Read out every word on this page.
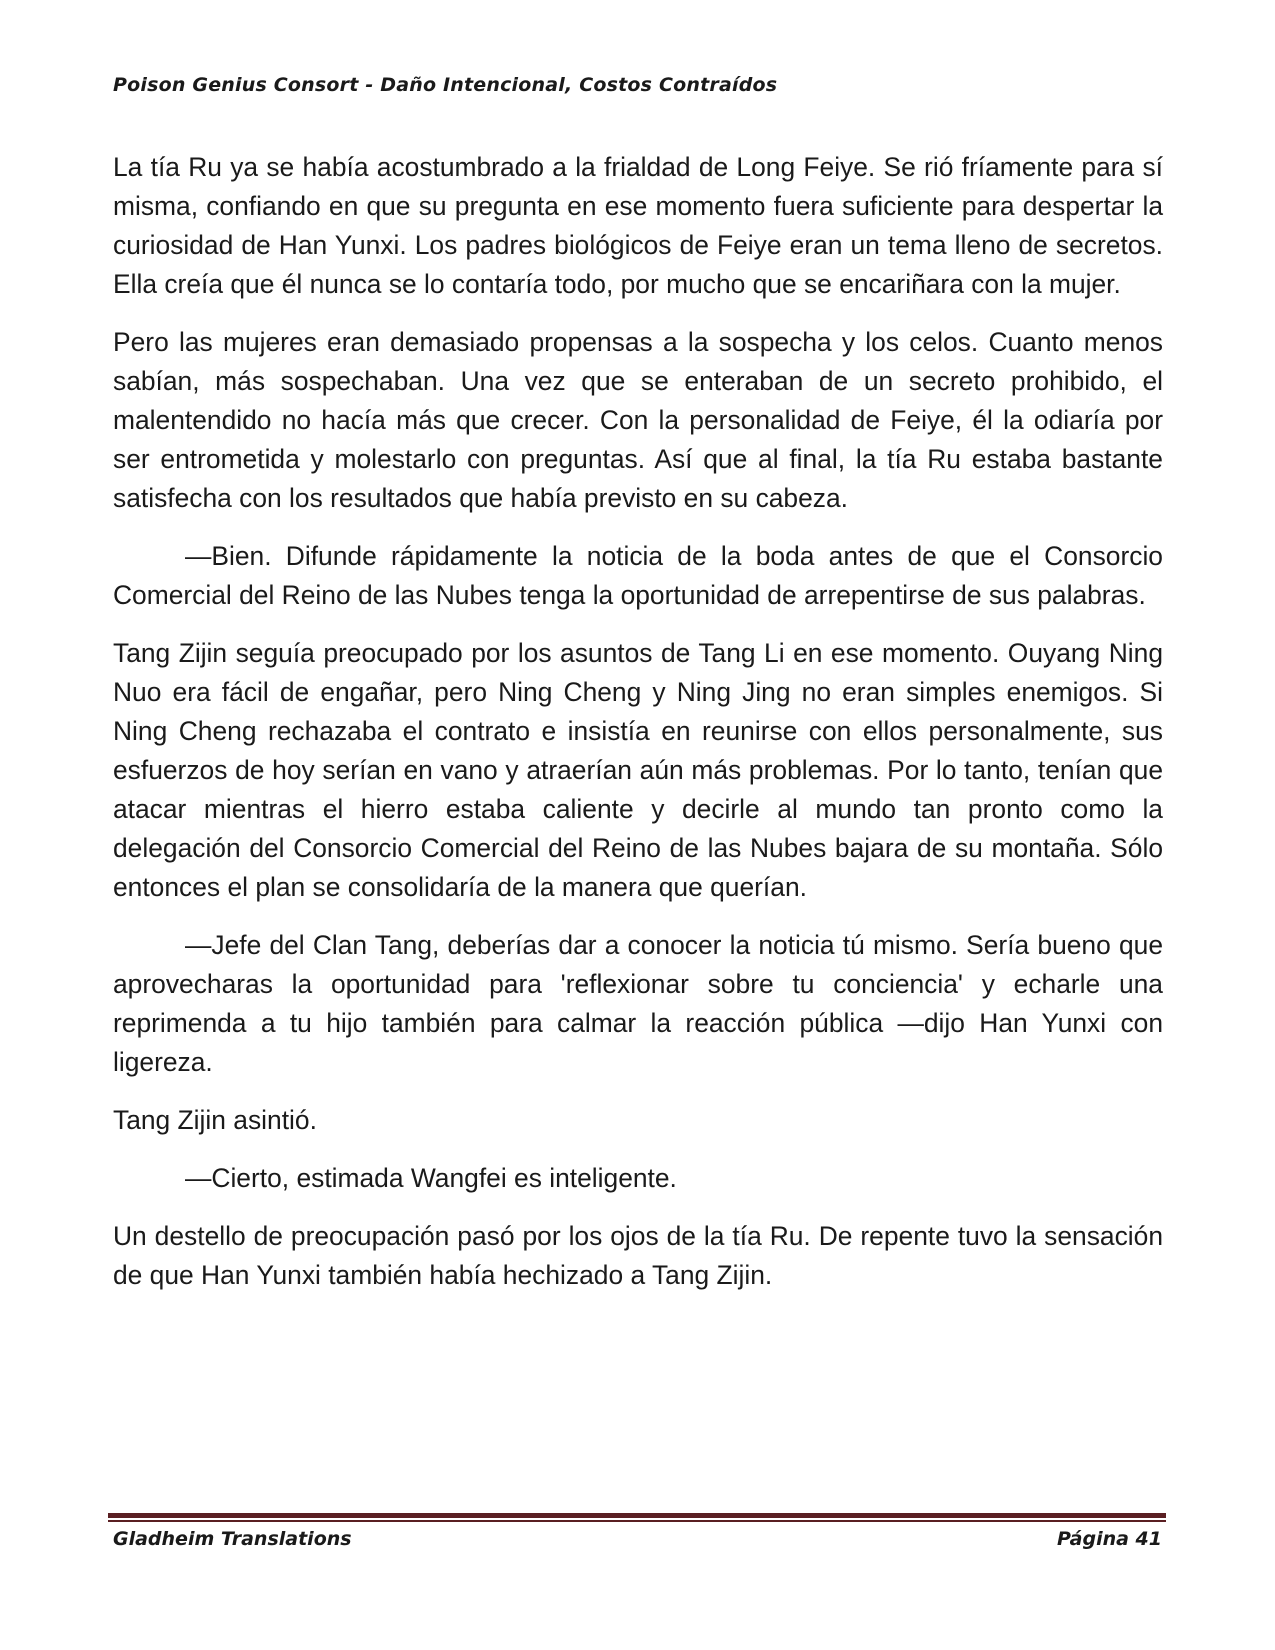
Poison Genius Consort - Daño Intencional, Costos Contraídos

La tía Ru ya se había acostumbrado a la frialdad de Long Feiye. Se rió fríamente para sí misma, confiando en que su pregunta en ese momento fuera suficiente para despertar la curiosidad de Han Yunxi. Los padres biológicos de Feiye eran un tema lleno de secretos. Ella creía que él nunca se lo contaría todo, por mucho que se encariñara con la mujer.

Pero las mujeres eran demasiado propensas a la sospecha y los celos. Cuanto menos sabían, más sospechaban. Una vez que se enteraban de un secreto prohibido, el malentendido no hacía más que crecer. Con la personalidad de Feiye, él la odiaría por ser entrometida y molestarlo con preguntas. Así que al final, la tía Ru estaba bastante satisfecha con los resultados que había previsto en su cabeza.

—Bien. Difunde rápidamente la noticia de la boda antes de que el Consorcio Comercial del Reino de las Nubes tenga la oportunidad de arrepentirse de sus palabras.

Tang Zijin seguía preocupado por los asuntos de Tang Li en ese momento. Ouyang Ning Nuo era fácil de engañar, pero Ning Cheng y Ning Jing no eran simples enemigos. Si Ning Cheng rechazaba el contrato e insistía en reunirse con ellos personalmente, sus esfuerzos de hoy serían en vano y atraerían aún más problemas. Por lo tanto, tenían que atacar mientras el hierro estaba caliente y decirle al mundo tan pronto como la delegación del Consorcio Comercial del Reino de las Nubes bajara de su montaña. Sólo entonces el plan se consolidaría de la manera que querían.

—Jefe del Clan Tang, deberías dar a conocer la noticia tú mismo. Sería bueno que aprovecharas la oportunidad para 'reflexionar sobre tu conciencia' y echarle una reprimenda a tu hijo también para calmar la reacción pública —dijo Han Yunxi con ligereza.

Tang Zijin asintió.

—Cierto, estimada Wangfei es inteligente.

Un destello de preocupación pasó por los ojos de la tía Ru. De repente tuvo la sensación de que Han Yunxi también había hechizado a Tang Zijin.

Gladheim Translations	Página 41
